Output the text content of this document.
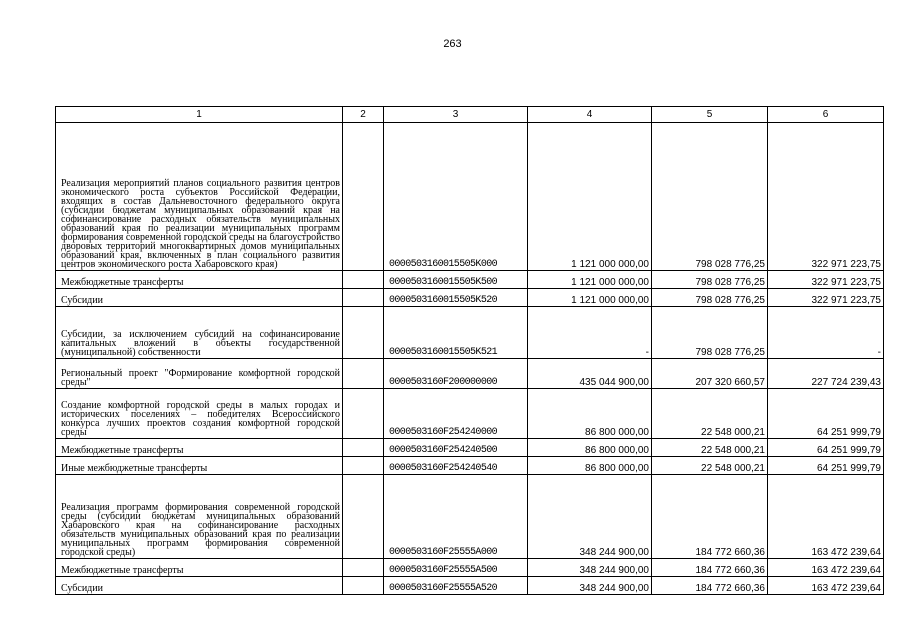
263
1	2	3	4	5	6
Реализация мероприятий планов социального развития центров экономического роста субъектов Российской Федерации, входящих в состав Дальневосточного федерального округа (субсидии бюджетам муниципальных образований края на софинансирование расходных обязательств муниципальных образований края по реализации муниципальных программ формирования современной городской среды на благоустройство дворовых территорий многоквартирных домов муниципальных образований края, включенных в план социального развития центров экономического роста Хабаровского края)		0000503160015505K000	1 121 000 000,00	798 028 776,25	322 971 223,75
Межбюджетные трансферты		0000503160015505K500	1 121 000 000,00	798 028 776,25	322 971 223,75
Субсидии		0000503160015505K520	1 121 000 000,00	798 028 776,25	322 971 223,75
Субсидии, за исключением субсидий на софинансирование капитальных вложений в объекты государственной (муниципальной) собственности		0000503160015505K521	-	798 028 776,25	-
Региональный проект "Формирование комфортной городской среды"		0000503160F200000000	435 044 900,00	207 320 660,57	227 724 239,43
Создание комфортной городской среды в малых городах и исторических поселениях – победителях Всероссийского конкурса лучших проектов создания комфортной городской среды		0000503160F254240000	86 800 000,00	22 548 000,21	64 251 999,79
Межбюджетные трансферты		0000503160F254240500	86 800 000,00	22 548 000,21	64 251 999,79
Иные межбюджетные трансферты		0000503160F254240540	86 800 000,00	22 548 000,21	64 251 999,79
Реализация программ формирования современной городской среды (субсидии бюджетам муниципальных образований Хабаровского края на софинансирование расходных обязательств муниципальных образований края по реализации муниципальных программ формирования современной городской среды)		0000503160F25555A000	348 244 900,00	184 772 660,36	163 472 239,64
Межбюджетные трансферты		0000503160F25555A500	348 244 900,00	184 772 660,36	163 472 239,64
Субсидии		0000503160F25555A520	348 244 900,00	184 772 660,36	163 472 239,64
